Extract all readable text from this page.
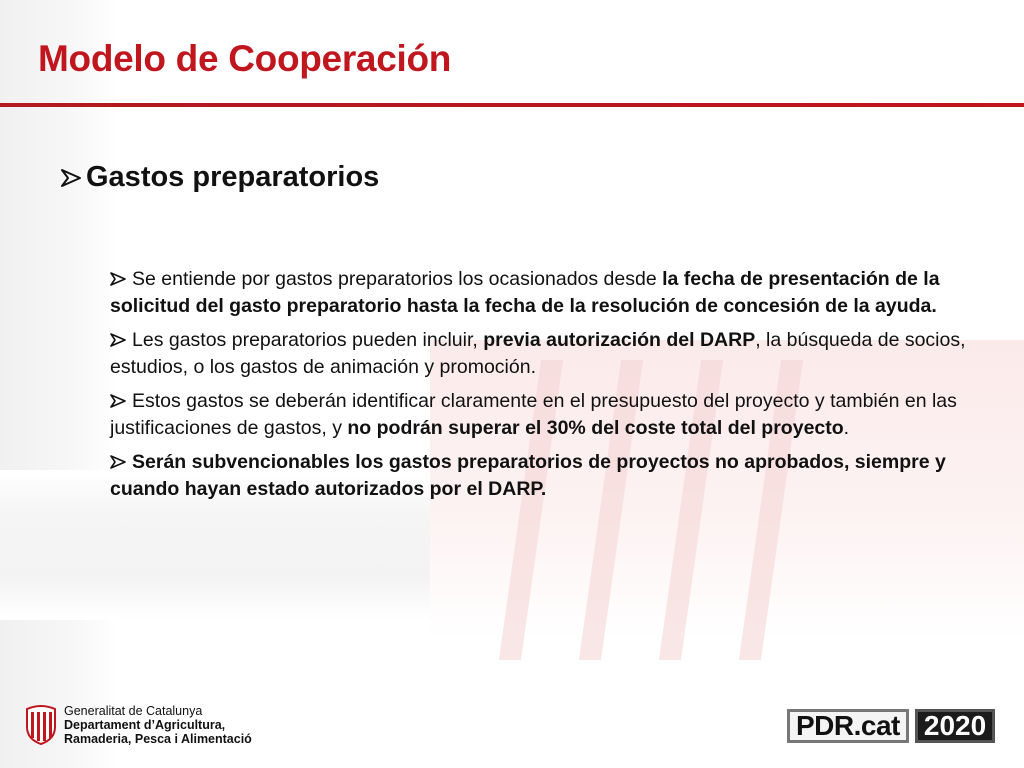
Modelo de Cooperación
Gastos preparatorios

Se entiende por gastos preparatorios los ocasionados desde la fecha de presentación de la solicitud del gasto preparatorio hasta la fecha de la resolución de concesión de la ayuda.

Les gastos preparatorios pueden incluir, previa autorización del DARP, la búsqueda de socios, estudios, o los gastos de animación y promoción.

Estos gastos se deberán identificar claramente en el presupuesto del proyecto y también en las justificaciones de gastos, y no podrán superar el 30% del coste total del proyecto.

Serán subvencionables los gastos preparatorios de proyectos no aprobados, siempre y cuando hayan estado autorizados por el DARP.

Generalitat de Catalunya
Departament d’Agricultura,
Ramaderia, Pesca i Alimentació	PDR.cat 2020
